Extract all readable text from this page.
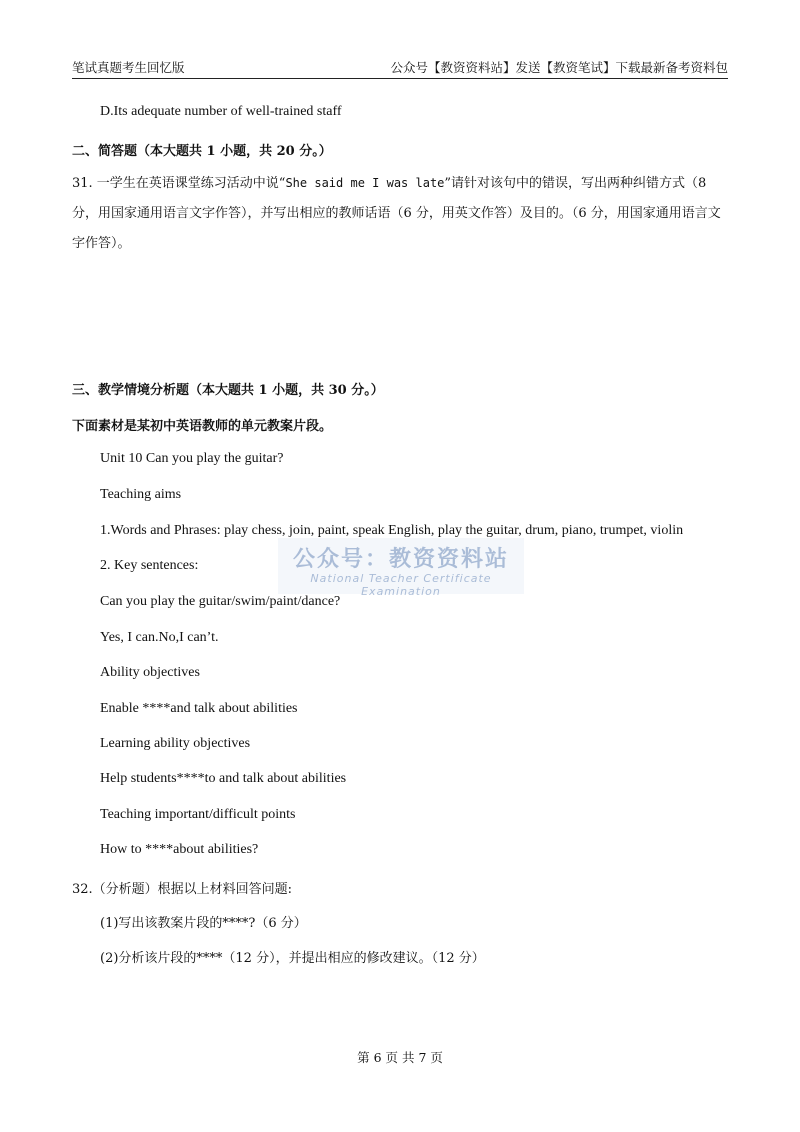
笔试真题考生回忆版	公众号【教资资料站】发送【教资笔试】下载最新备考资料包
D.Its adequate number of well-trained staff
二、简答题（本大题共 1 小题，共 20 分。）
31. 一学生在英语课堂练习活动中说“She said me I was late”请针对该句中的错误，写出两种纠错方式（8 分，用国家通用语言文字作答），并写出相应的教师话语（6 分，用英文作答）及目的。（6 分，用国家通用语言文字作答）。
三、教学情境分析题（本大题共 1 小题，共 30 分。）
下面素材是某初中英语教师的单元教案片段。
Unit 10 Can you play the guitar?
Teaching aims
1.Words and Phrases: play chess, join, paint, speak English, play the guitar, drum, piano, trumpet, violin
2. Key sentences:
Can you play the guitar/swim/paint/dance?
Yes, I can.No,I can’t.
Ability objectives
Enable ****and talk about abilities
Learning ability objectives
Help students****to and talk about abilities
Teaching important/difficult points
How to ****about abilities?
32.（分析题）根据以上材料回答问题:
(1)写出该教案片段的****?（6 分）
(2)分析该片段的****（12 分），并提出相应的修改建议。（12 分）
公众号：教资资料站
National Teacher Certificate Examination
第 6 页 共 7 页
